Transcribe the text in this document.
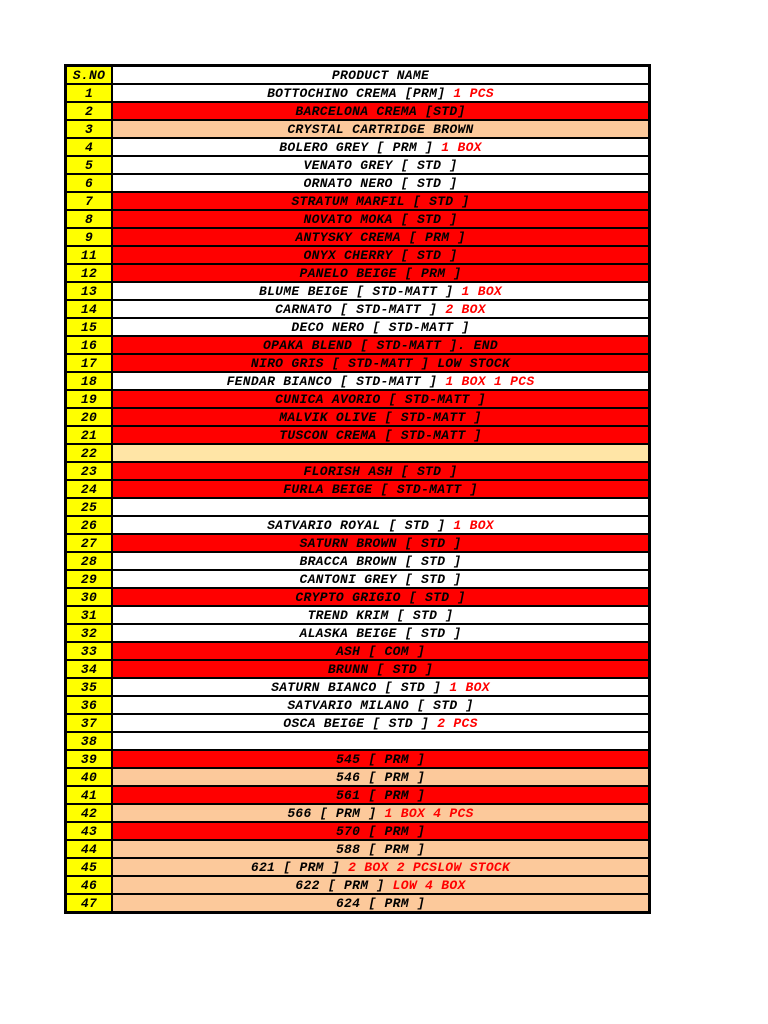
S.NO	PRODUCT NAME
1	BOTTOCHINO CREMA [PRM] 1 PCS
2	BARCELONA CREMA [STD]
3	CRYSTAL CARTRIDGE BROWN
4	BOLERO GREY [ PRM ] 1 BOX
5	VENATO GREY [ STD ]
6	ORNATO NERO [ STD ]
7	STRATUM MARFIL [ STD ]
8	NOVATO MOKA [ STD ]
9	ANTYSKY CREMA [ PRM ]
11	ONYX CHERRY [ STD ]
12	PANELO BEIGE [ PRM ]
13	BLUME BEIGE [ STD-MATT ] 1 BOX
14	CARNATO [ STD-MATT ] 2 BOX
15	DECO NERO [ STD-MATT ]
16	OPAKA BLEND [ STD-MATT ]. END
17	NIRO GRIS [ STD-MATT ] LOW STOCK
18	FENDAR BIANCO [ STD-MATT ] 1 BOX 1 PCS
19	CUNICA AVORIO [ STD-MATT ]
20	MALVIK OLIVE [ STD-MATT ]
21	TUSCON CREMA [ STD-MATT ]
22	
23	FLORISH ASH [ STD ]
24	FURLA BEIGE [ STD-MATT ]
25	
26	SATVARIO ROYAL [ STD ] 1 BOX
27	SATURN BROWN [ STD ]
28	BRACCA BROWN [ STD ]
29	CANTONI GREY [ STD ]
30	CRYPTO GRIGIO [ STD ]
31	TREND KRIM [ STD ]
32	ALASKA BEIGE [ STD ]
33	ASH [ COM ]
34	BRUNN [ STD ]
35	SATURN BIANCO [ STD ] 1 BOX
36	SATVARIO MILANO [ STD ]
37	OSCA BEIGE [ STD ] 2 PCS
38	
39	545 [ PRM ]
40	546 [ PRM ]
41	561 [ PRM ]
42	566 [ PRM ] 1 BOX 4 PCS
43	570 [ PRM ]
44	588 [ PRM ]
45	621 [ PRM ] 2 BOX 2 PCSLOW STOCK
46	622 [ PRM ] LOW 4 BOX
47	624 [ PRM ]
